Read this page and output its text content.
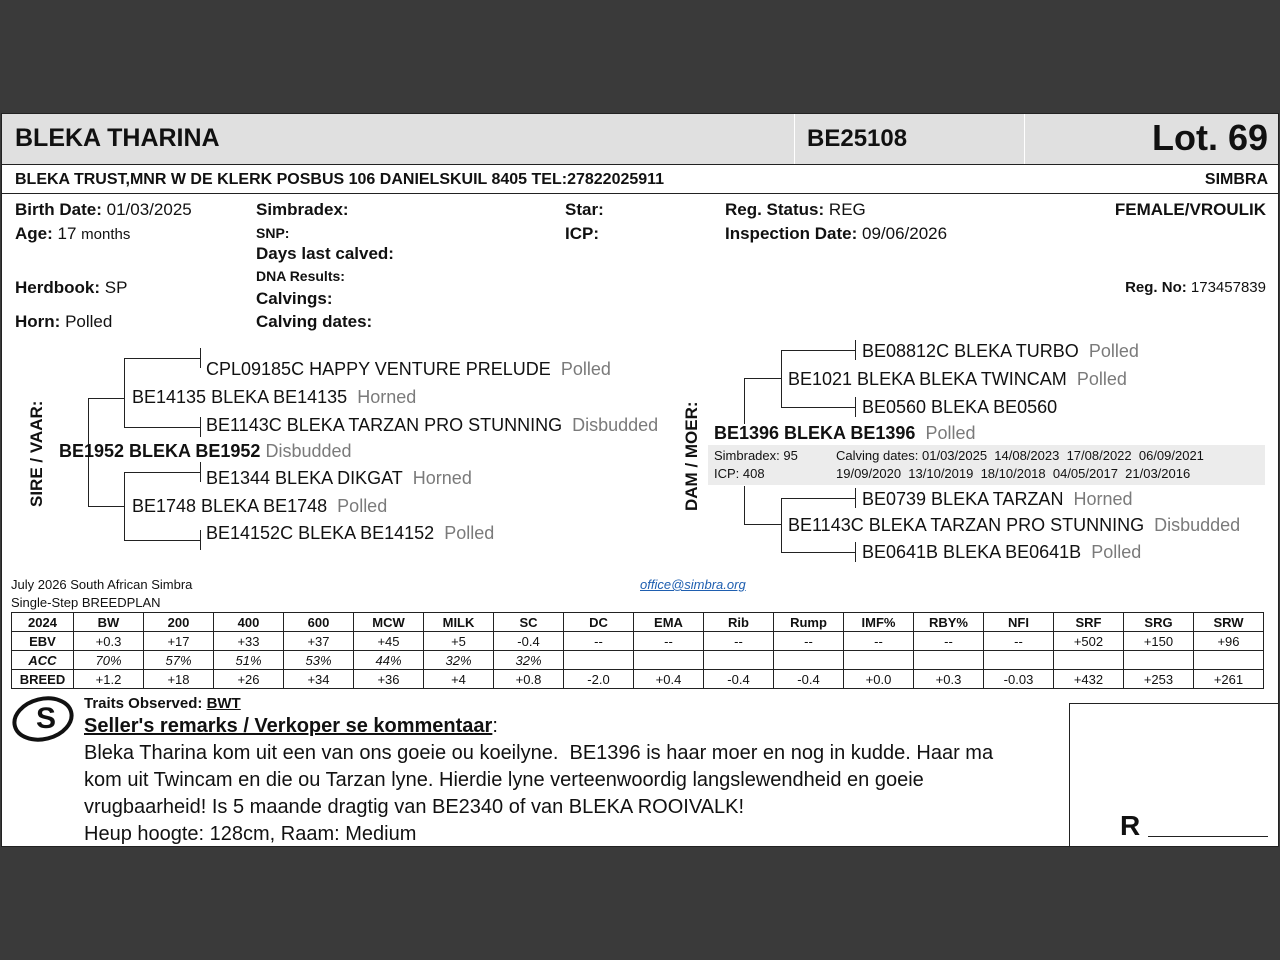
BLEKA THARINA	BE25108	Lot. 69
BLEKA TRUST,MNR W DE KLERK POSBUS 106 DANIELSKUIL 8405 TEL:27822025911	SIMBRA
Birth Date: 01/03/2025
Age: 17 months
Herdbook: SP
Horn: Polled
Simbradex:
SNP:
Days last calved:
DNA Results:
Calvings:
Calving dates:
Star:
ICP:
Reg. Status: REG
Inspection Date: 09/06/2026
FEMALE/VROULIK
Reg. No: 173457839
SIRE / VAAR:
CPL09185C HAPPY VENTURE PRELUDE Polled
BE14135 BLEKA BE14135 Horned
BE1143C BLEKA TARZAN PRO STUNNING Disbudded
BE1952 BLEKA BE1952 Disbudded
BE1344 BLEKA DIKGAT Horned
BE1748 BLEKA BE1748 Polled
BE14152C BLEKA BE14152 Polled
DAM / MOER:
BE08812C BLEKA TURBO Polled
BE1021 BLEKA BLEKA TWINCAM Polled
BE0560 BLEKA BE0560
BE1396 BLEKA BE1396 Polled
Simbradex: 95
ICP: 408
Calving dates: 01/03/2025  14/08/2023  17/08/2022  06/09/2021
19/09/2020  13/10/2019  18/10/2018  04/05/2017  21/03/2016
BE0739 BLEKA TARZAN Horned
BE1143C BLEKA TARZAN PRO STUNNING Disbudded
BE0641B BLEKA BE0641B Polled
July 2026 South African Simbra
Single-Step BREEDPLAN
office@simbra.org
2024	BW	200	400	600	MCW	MILK	SC	DC	EMA	Rib	Rump	IMF%	RBY%	NFI	SRF	SRG	SRW
EBV	+0.3	+17	+33	+37	+45	+5	-0.4	--	--	--	--	--	--	--	+502	+150	+96
ACC	70%	57%	51%	53%	44%	32%	32%										
BREED	+1.2	+18	+26	+34	+36	+4	+0.8	-2.0	+0.4	-0.4	-0.4	+0.0	+0.3	-0.03	+432	+253	+261
S Traits Observed: BWT
Seller's remarks / Verkoper se kommentaar:
Bleka Tharina kom uit een van ons goeie ou koeilyne.  BE1396 is haar moer en nog in kudde. Haar ma
kom uit Twincam en die ou Tarzan lyne. Hierdie lyne verteenwoordig langslewendheid en goeie
vrugbaarheid! Is 5 maande dragtig van BE2340 of van BLEKA ROOIVALK!
Heup hoogte: 128cm, Raam: Medium	R
